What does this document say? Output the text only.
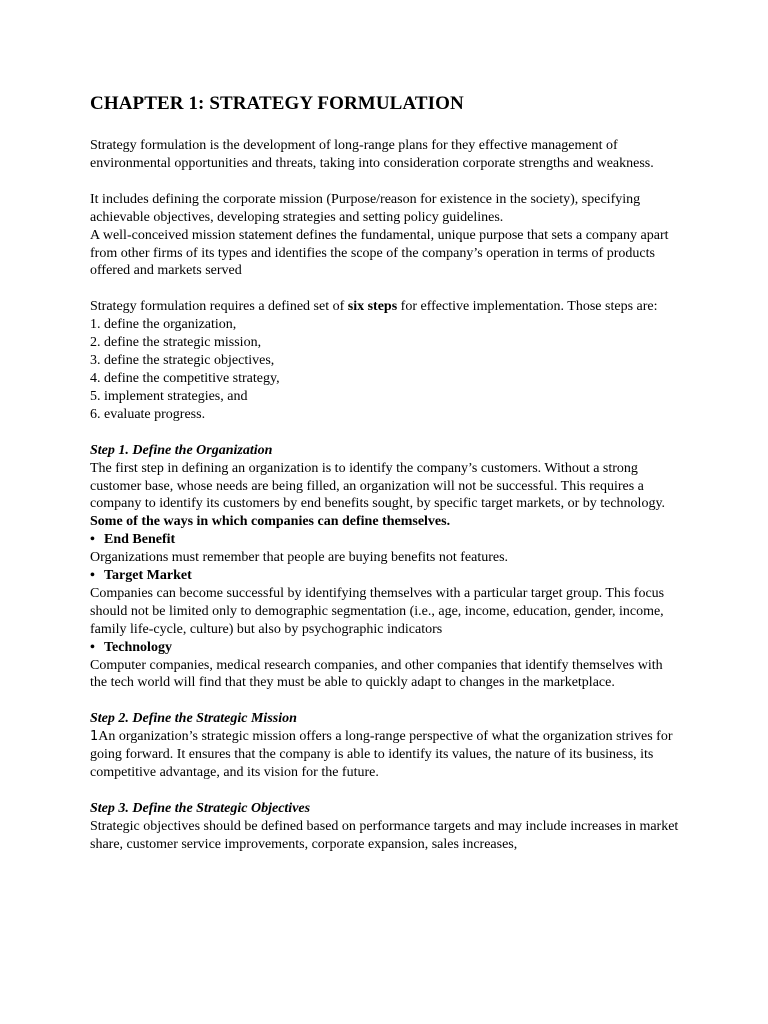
CHAPTER 1: STRATEGY FORMULATION

Strategy formulation is the development of long-range plans for they effective management of environmental opportunities and threats, taking into consideration corporate strengths and weakness.

It includes defining the corporate mission (Purpose/reason for existence in the society), specifying achievable objectives, developing strategies and setting policy guidelines.

A well-conceived mission statement defines the fundamental, unique purpose that sets a company apart from other firms of its types and identifies the scope of the company’s operation in terms of products offered and markets served

Strategy formulation requires a defined set of six steps for effective implementation. Those steps are:

1. define the organization,

2. define the strategic mission,

3. define the strategic objectives,

4. define the competitive strategy,

5. implement strategies, and

6. evaluate progress.

Step 1. Define the Organization

The first step in defining an organization is to identify the company’s customers. Without a strong customer base, whose needs are being filled, an organization will not be successful. This requires a company to identify its customers by end benefits sought, by specific target markets, or by technology.

Some of the ways in which companies can define themselves.

• End Benefit

Organizations must remember that people are buying benefits not features.

• Target Market

Companies can become successful by identifying themselves with a particular target group. This focus should not be limited only to demographic segmentation (i.e., age, income, education, gender, income, family life-cycle, culture) but also by psychographic indicators

• Technology

Computer companies, medical research companies, and other companies that identify themselves with the tech world will find that they must be able to quickly adapt to changes in the marketplace.

Step 2. Define the Strategic Mission

1An organization’s strategic mission offers a long-range perspective of what the organization strives for going forward. It ensures that the company is able to identify its values, the nature of its business, its competitive advantage, and its vision for the future.

Step 3. Define the Strategic Objectives

Strategic objectives should be defined based on performance targets and may include increases in market share, customer service improvements, corporate expansion, sales increases,
